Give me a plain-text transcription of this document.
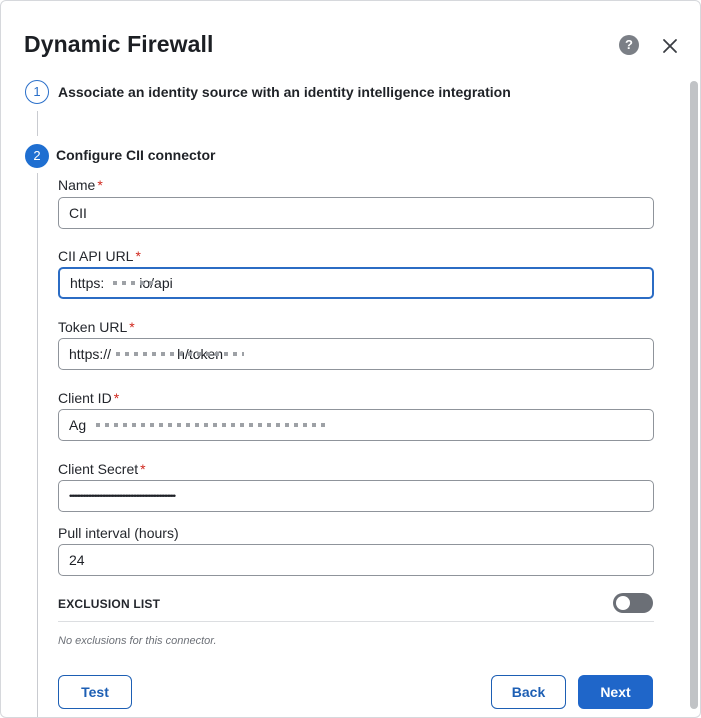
Dynamic Firewall	?
1	Associate an identity source with an identity intelligence integration
2	Configure CII connector
Name *
CII
CII API URL *
https: io/api
Token URL *
https:// h/token
Client ID *
Ag D
Client Secret *
••••••••••••••••••••••••••••••••••••••••••••••••••••••••••••••••••••
Pull interval (hours)
24
EXCLUSION LIST
No exclusions for this connector.
Test	Back	Next
